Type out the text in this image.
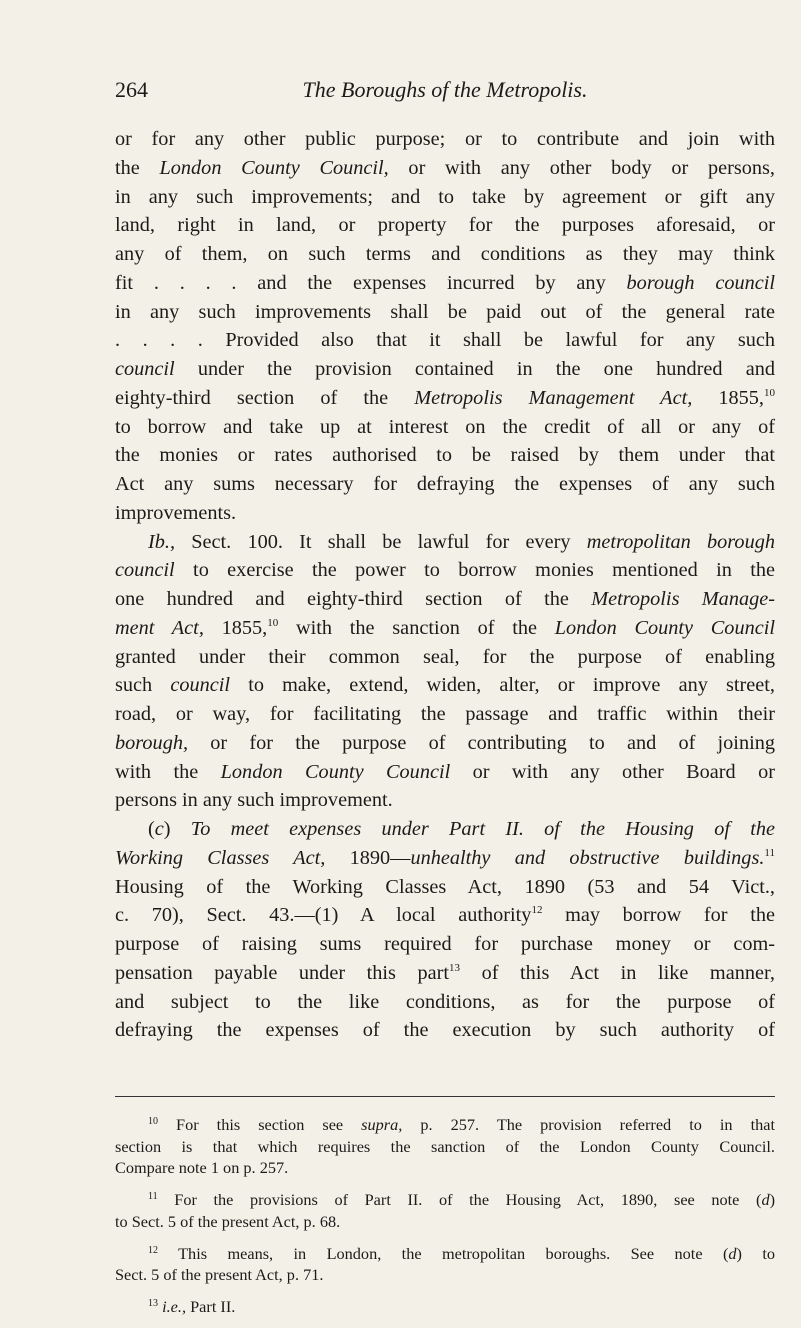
264	The Boroughs of the Metropolis.
or for any other public purpose; or to contribute and join with
the London County Council, or with any other body or persons,
in any such improvements; and to take by agreement or gift any
land, right in land, or property for the purposes aforesaid, or
any of them, on such terms and conditions as they may think
fit . . . . and the expenses incurred by any borough council
in any such improvements shall be paid out of the general rate
. . . . Provided also that it shall be lawful for any such
council under the provision contained in the one hundred and
eighty-third section of the Metropolis Management Act, 1855,10
to borrow and take up at interest on the credit of all or any of
the monies or rates authorised to be raised by them under that
Act any sums necessary for defraying the expenses of any such
improvements.
Ib., Sect. 100. It shall be lawful for every metropolitan borough
council to exercise the power to borrow monies mentioned in the
one hundred and eighty-third section of the Metropolis Manage-
ment Act, 1855,10 with the sanction of the London County Council
granted under their common seal, for the purpose of enabling
such council to make, extend, widen, alter, or improve any street,
road, or way, for facilitating the passage and traffic within their
borough, or for the purpose of contributing to and of joining
with the London County Council or with any other Board or
persons in any such improvement.
(c) To meet expenses under Part II. of the Housing of the
Working Classes Act, 1890—unhealthy and obstructive buildings.$^{11}$
Housing of the Working Classes Act, 1890 (53 and 54 Vict.,
c. 70), Sect. 43.—(1) A local authority$^{12}$ may borrow for the
purpose of raising sums required for purchase money or com-
pensation payable under this part$^{13}$ of this Act in like manner,
and subject to the like conditions, as for the purpose of
defraying the expenses of the execution by such authority of
$^{10}$ For this section see supra, p. 257. The provision referred to in that
section is that which requires the sanction of the London County Council.
Compare note 1 on p. 257.
$^{11}$ For the provisions of Part II. of the Housing Act, 1890, see note (d)
to Sect. 5 of the present Act, p. 68.
$^{12}$ This means, in London, the metropolitan boroughs. See note (d) to
Sect. 5 of the present Act, p. 71.
$^{13}$ i.e., Part II.
